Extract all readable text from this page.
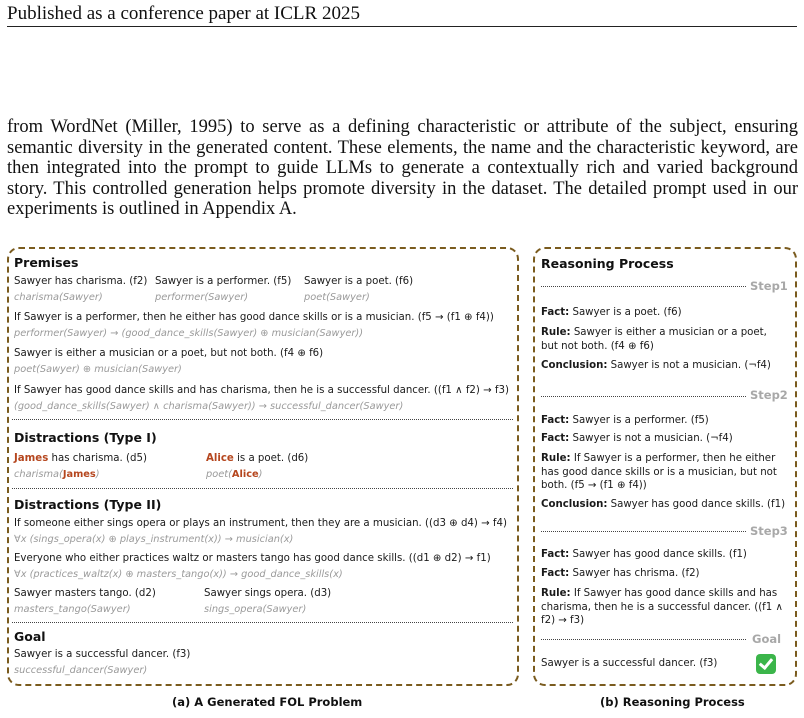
Published as a conference paper at ICLR 2025

from WordNet (Miller, 1995) to serve as a defining characteristic or attribute of the subject, ensuring semantic diversity in the generated content. These elements, the name and the characteristic keyword, are then integrated into the prompt to guide LLMs to generate a contextually rich and varied background story. This controlled generation helps promote diversity in the dataset. The detailed prompt used in our experiments is outlined in Appendix A.

Premises
Sawyer has charisma. (f2)
charisma(Sawyer)
Sawyer is a performer. (f5)
performer(Sawyer)
Sawyer is a poet. (f6)
poet(Sawyer)
If Sawyer is a performer, then he either has good dance skills or is a musician. (f5 → (f1 ⊕ f4))
performer(Sawyer) → (good_dance_skills(Sawyer) ⊕ musician(Sawyer))
Sawyer is either a musician or a poet, but not both. (f4 ⊕ f6)
poet(Sawyer) ⊕ musician(Sawyer)
If Sawyer has good dance skills and has charisma, then he is a successful dancer. ((f1 ∧ f2) → f3)
(good_dance_skills(Sawyer) ∧ charisma(Sawyer)) → successful_dancer(Sawyer)
Distractions (Type I)
James has charisma. (d5)
charisma(James)
Alice is a poet. (d6)
poet(Alice)
Distractions (Type II)
If someone either sings opera or plays an instrument, then they are a musician. ((d3 ⊕ d4) → f4)
∀x (sings_opera(x) ⊕ plays_instrument(x)) → musician(x)
Everyone who either practices waltz or masters tango has good dance skills. ((d1 ⊕ d2) → f1)
∀x (practices_waltz(x) ⊕ masters_tango(x)) → good_dance_skills(x)
Sawyer masters tango. (d2)
masters_tango(Sawyer)
Sawyer sings opera. (d3)
sings_opera(Sawyer)
Goal
Sawyer is a successful dancer. (f3)
successful_dancer(Sawyer)
Reasoning Process
Step1
Fact: Sawyer is a poet. (f6)
Rule: Sawyer is either a musician or a poet, but not both. (f4 ⊕ f6)
Conclusion: Sawyer is not a musician. (¬f4)
Step2
Fact: Sawyer is a performer. (f5)
Fact: Sawyer is not a musician. (¬f4)
Rule: If Sawyer is a performer, then he either has good dance skills or is a musician, but not both. (f5 → (f1 ⊕ f4))
Conclusion: Sawyer has good dance skills. (f1)
Step3
Fact: Sawyer has good dance skills. (f1)
Fact: Sawyer has chrisma. (f2)
Rule: If Sawyer has good dance skills and has charisma, then he is a successful dancer. ((f1 ∧ f2) → f3)
Goal
Sawyer is a successful dancer. (f3)
(a) A Generated FOL Problem	(b) Reasoning Process
